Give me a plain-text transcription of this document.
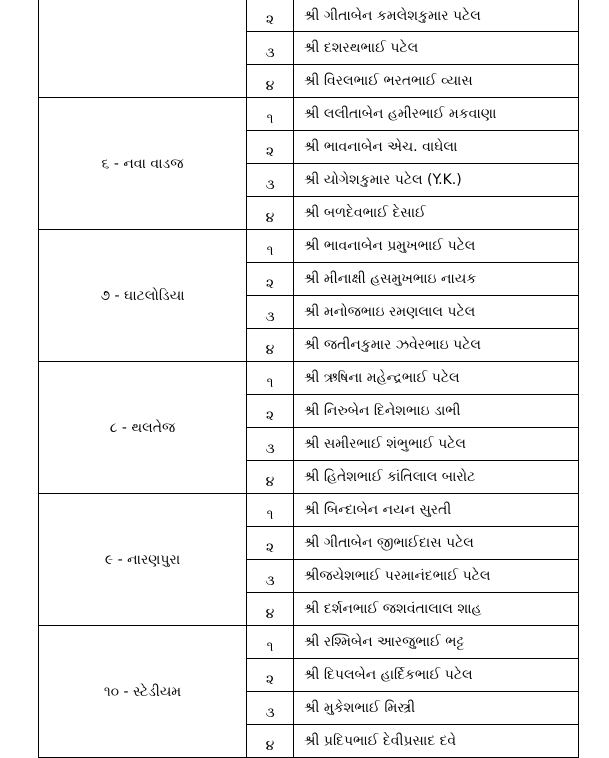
	૨	શ્રી ગીતાબેન કમલેશકુમાર પટેલ
	૩	શ્રી દશરથભાઈ પટેલ
	૪	શ્રી વિરલભાઈ ભરતભાઈ વ્યાસ
૬ - નવા વાડજ	૧	શ્રી લલીતાબેન હમીરભાઈ મકવાણા
	૨	શ્રી ભાવનાબેન એચ. વાઘેલા
	૩	શ્રી યોગેશકુમાર પટેલ (Y.K.)
	૪	શ્રી બળદેવભાઈ દેસાઈ
૭ - ઘાટલોડિયા	૧	શ્રી ભાવનાબેન પ્રમુખભાઈ પટેલ
	૨	શ્રી મીનાક્ષી હસમુખભાઇ નાયક
	૩	શ્રી મનોજભાઇ રમણલાલ પટેલ
	૪	શ્રી જતીનકુમાર ઝવેરભાઇ પટેલ
૮ - થલતેજ	૧	શ્રી ઋષિના મહેન્દ્રભાઈ પટેલ
	૨	શ્રી નિરુબેન દિનેશભાઇ ડાભી
	૩	શ્રી સમીરભાઈ શંભુભાઈ પટેલ
	૪	શ્રી હિતેશભાઈ કાંતિલાલ બારોટ
૯ - નારણપુરા	૧	શ્રી બિન્દાબેન નયન સુરતી
	૨	શ્રી ગીતાબેન જીભાઈદાસ પટેલ
	૩	શ્રીજયેશભાઈ પરમાનંદભાઈ પટેલ
	૪	શ્રી દર્શનભાઈ જશવંતાલાલ શાહ
૧૦ - સ્ટેડીયમ	૧	શ્રી રશ્મિબેન આરજુભાઈ ભટ્ટ
	૨	શ્રી દિપલબેન હાર્દિકભાઈ પટેલ
	૩	શ્રી મુકેશભાઈ મિસ્ત્રી
	૪	શ્રી પ્રદિપભાઈ દેવીપ્રસાદ દવે
